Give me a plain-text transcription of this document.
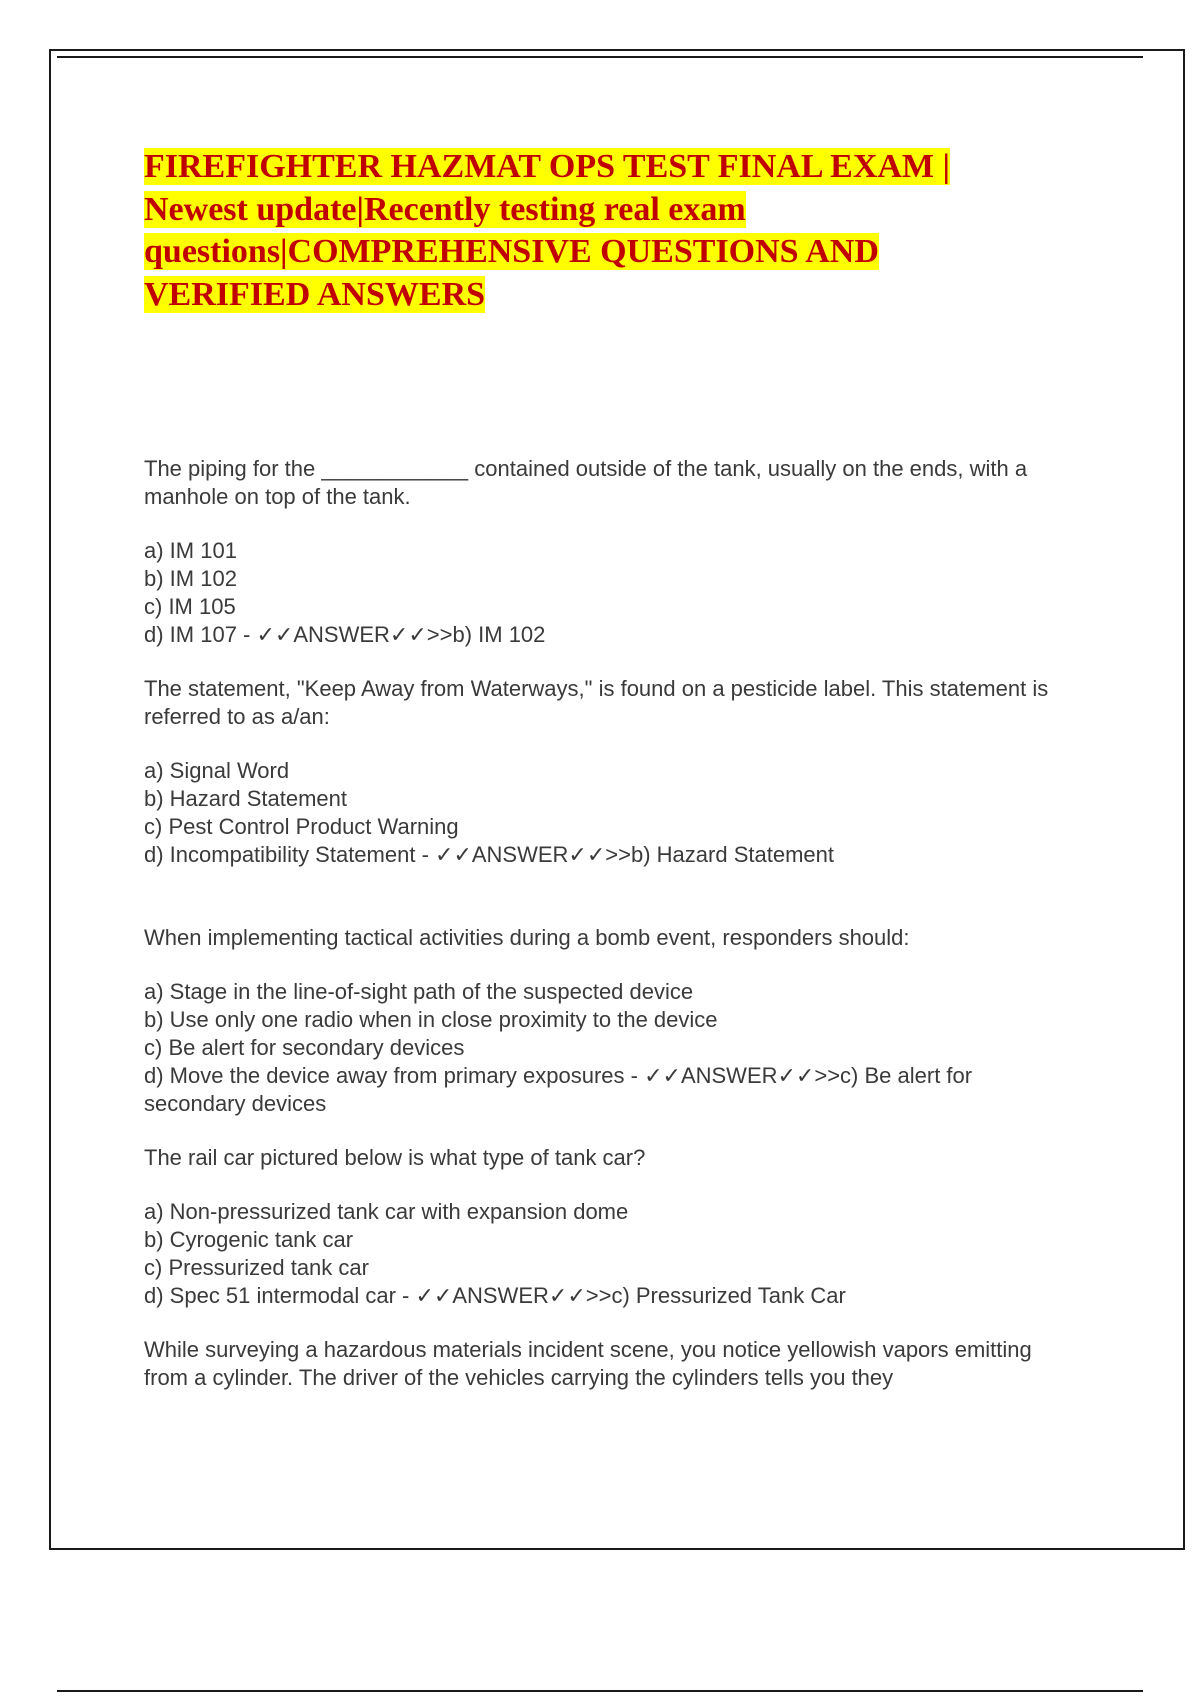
FIREFIGHTER HAZMAT OPS TEST FINAL EXAM | Newest update|Recently testing real exam questions|COMPREHENSIVE QUESTIONS AND VERIFIED ANSWERS

The piping for the ____________ contained outside of the tank, usually on the ends, with a manhole on top of the tank.

a) IM 101
b) IM 102
c) IM 105
d) IM 107 - ✓✓ANSWER✓✓>>b) IM 102

The statement, "Keep Away from Waterways," is found on a pesticide label. This statement is referred to as a/an:

a) Signal Word
b) Hazard Statement
c) Pest Control Product Warning
d) Incompatibility Statement - ✓✓ANSWER✓✓>>b) Hazard Statement

When implementing tactical activities during a bomb event, responders should:

a) Stage in the line-of-sight path of the suspected device
b) Use only one radio when in close proximity to the device
c) Be alert for secondary devices
d) Move the device away from primary exposures - ✓✓ANSWER✓✓>>c) Be alert for secondary devices

The rail car pictured below is what type of tank car?

a) Non-pressurized tank car with expansion dome
b) Cyrogenic tank car
c) Pressurized tank car
d) Spec 51 intermodal car - ✓✓ANSWER✓✓>>c) Pressurized Tank Car

While surveying a hazardous materials incident scene, you notice yellowish vapors emitting from a cylinder. The driver of the vehicles carrying the cylinders tells you they
